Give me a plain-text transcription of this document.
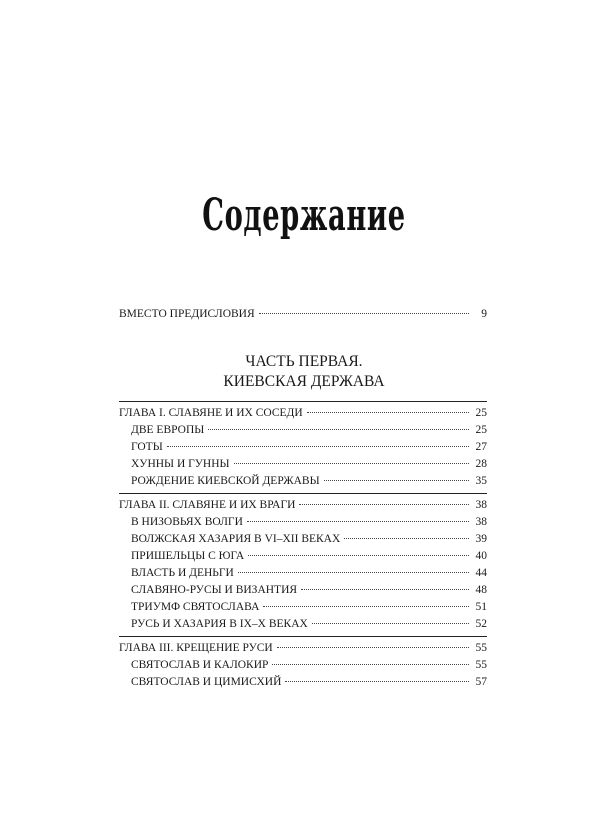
Содержание
ВМЕСТО ПРЕДИСЛОВИЯ	9
ЧАСТЬ ПЕРВАЯ.
КИЕВСКАЯ ДЕРЖАВА
ГЛАВА I. СЛАВЯНЕ И ИХ СОСЕДИ	25
ДВЕ ЕВРОПЫ	25
ГОТЫ	27
ХУННЫ И ГУННЫ	28
РОЖДЕНИЕ КИЕВСКОЙ ДЕРЖАВЫ	35
ГЛАВА II. СЛАВЯНЕ И ИХ ВРАГИ	38
В НИЗОВЬЯХ ВОЛГИ	38
ВОЛЖСКАЯ ХАЗАРИЯ В VI–XII ВЕКАХ	39
ПРИШЕЛЬЦЫ С ЮГА	40
ВЛАСТЬ И ДЕНЬГИ	44
СЛАВЯНО-РУСЫ И ВИЗАНТИЯ	48
ТРИУМФ СВЯТОСЛАВА	51
РУСЬ И ХАЗАРИЯ В IX–X ВЕКАХ	52
ГЛАВА III. КРЕЩЕНИЕ РУСИ	55
СВЯТОСЛАВ И КАЛОКИР	55
СВЯТОСЛАВ И ЦИМИСХИЙ	57
